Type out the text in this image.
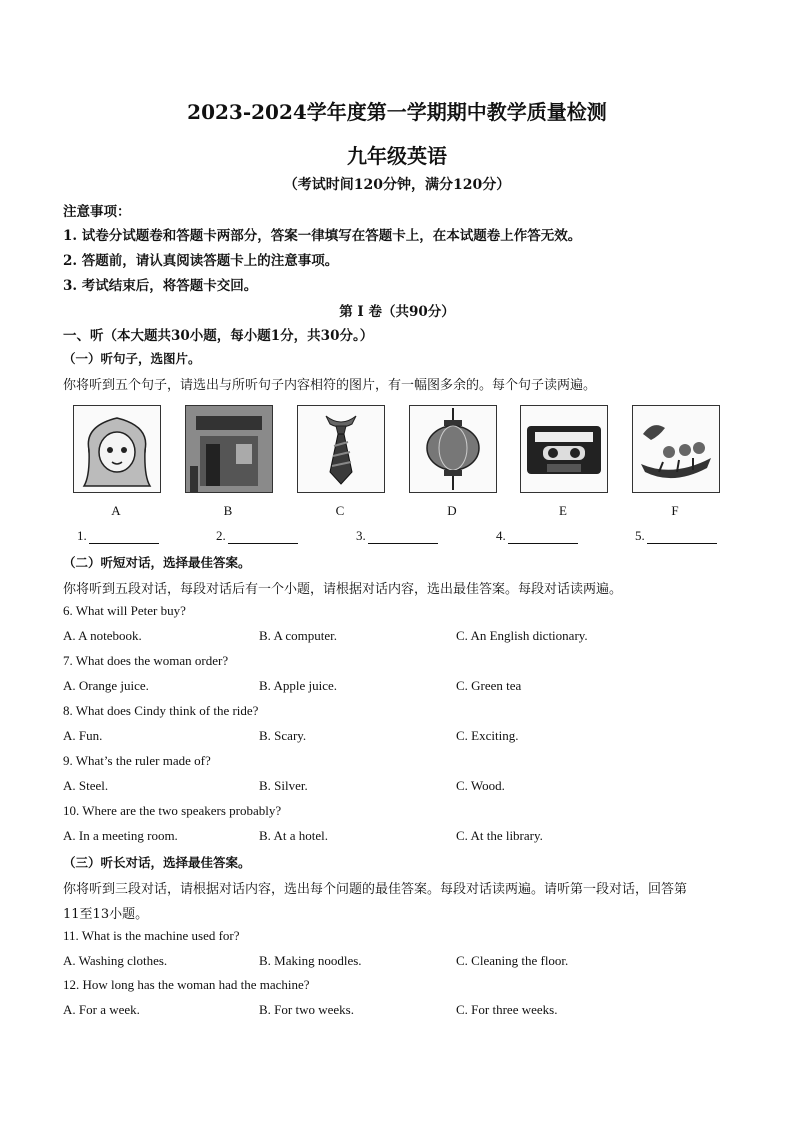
2023-2024学年度第一学期期中教学质量检测
九年级英语
（考试时间120分钟，满分120分）
注意事项：
1. 试卷分试题卷和答题卡两部分，答案一律填写在答题卡上，在本试题卷上作答无效。
2. 答题前，请认真阅读答题卡上的注意事项。
3. 考试结束后，将答题卡交回。
第 I 卷（共90分）
一、听（本大题共30小题，每小题1分，共30分。）
（一）听句子，选图片。
你将听到五个句子，请选出与所听句子内容相符的图片，有一幅图多余的。每个句子读两遍。
A	B	C	D	E	F
1.	2.	3.	4.	5.
（二）听短对话，选择最佳答案。
你将听到五段对话，每段对话后有一个小题，请根据对话内容，选出最佳答案。每段对话读两遍。
6. What will Peter buy?
A. A notebook.	B. A computer.	C. An English dictionary.
7. What does the woman order?
A. Orange juice.	B. Apple juice.	C. Green tea
8. What does Cindy think of the ride?
A. Fun.	B. Scary.	C. Exciting.
9. What’s the ruler made of?
A. Steel.	B. Silver.	C. Wood.
10. Where are the two speakers probably?
A. In a meeting room.	B. At a hotel.	C. At the library.
（三）听长对话，选择最佳答案。
你将听到三段对话，请根据对话内容，选出每个问题的最佳答案。每段对话读两遍。请听第一段对话，回答第
11至13小题。
11. What is the machine used for?
A. Washing clothes.	B. Making noodles.	C. Cleaning the floor.
12. How long has the woman had the machine?
A. For a week.	B. For two weeks.	C. For three weeks.
